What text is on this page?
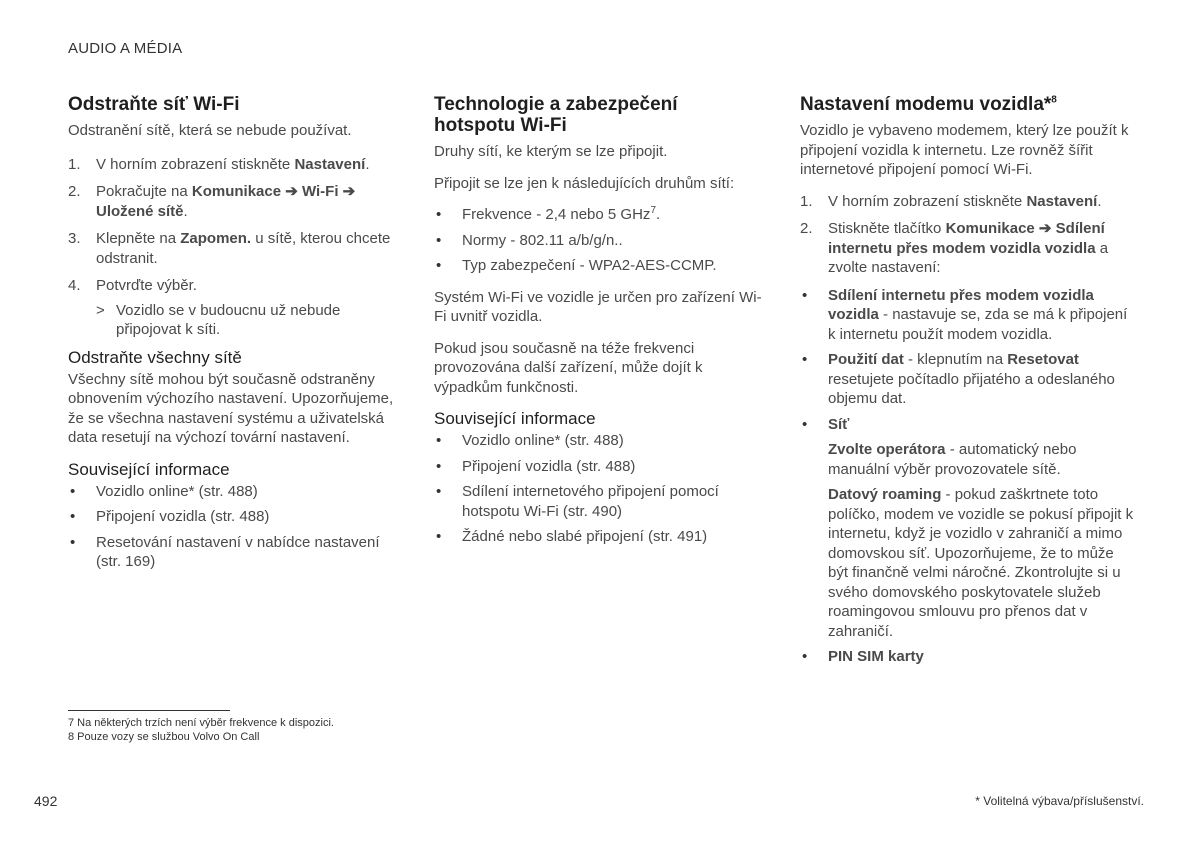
AUDIO A MÉDIA
Odstraňte síť Wi-Fi

Odstranění sítě, která se nebude používat.

1. V horním zobrazení stiskněte Nastavení.
2. Pokračujte na Komunikace ➔ Wi-Fi ➔ Uložené sítě.
3. Klepněte na Zapomen. u sítě, kterou chcete odstranit.
4. Potvrďte výběr.
> Vozidlo se v budoucnu už nebude připojovat k síti.
Odstraňte všechny sítě

Všechny sítě mohou být současně odstraněny obnovením výchozího nastavení. Upozorňujeme, že se všechna nastavení systému a uživatelská data resetují na výchozí tovární nastavení.

Související informace
• Vozidlo online* (str. 488)
• Připojení vozidla (str. 488)
• Resetování nastavení v nabídce nastavení (str. 169)
Technologie a zabezpečení hotspotu Wi-Fi

Druhy sítí, ke kterým se lze připojit.

Připojit se lze jen k následujících druhům sítí:

• Frekvence - 2,4 nebo 5 GHz$^7$.
• Normy - 802.11 a/b/g/n..
• Typ zabezpečení - WPA2-AES-CCMP.

Systém Wi-Fi ve vozidle je určen pro zařízení Wi-Fi uvnitř vozidla.

Pokud jsou současně na téže frekvenci provozována další zařízení, může dojít k výpadkům funkčnosti.

Související informace
• Vozidlo online* (str. 488)
• Připojení vozidla (str. 488)
• Sdílení internetového připojení pomocí hotspotu Wi-Fi (str. 490)
• Žádné nebo slabé připojení (str. 491)
Nastavení modemu vozidla*$^8$

Vozidlo je vybaveno modemem, který lze použít k připojení vozidla k internetu. Lze rovněž šířit internetové připojení pomocí Wi-Fi.

1. V horním zobrazení stiskněte Nastavení.
2. Stiskněte tlačítko Komunikace ➔ Sdílení internetu přes modem vozidla vozidla a zvolte nastavení:
• Sdílení internetu přes modem vozidla vozidla - nastavuje se, zda se má k připojení k internetu použít modem vozidla.
• Použití dat - klepnutím na Resetovat resetujete počítadlo přijatého a odeslaného objemu dat.
• Síť
Zvolte operátora - automatický nebo manuální výběr provozovatele sítě.
Datový roaming - pokud zaškrtnete toto políčko, modem ve vozidle se pokusí připojit k internetu, když je vozidlo v zahraničí a mimo domovskou síť. Upozorňujeme, že to může být finančně velmi náročné. Zkontrolujte si u svého domovského poskytovatele služeb roamingovou smlouvu pro přenos dat v zahraničí.
• PIN SIM karty
7 Na některých trzích není výběr frekvence k dispozici.
8 Pouze vozy se službou Volvo On Call
492	* Volitelná výbava/příslušenství.
